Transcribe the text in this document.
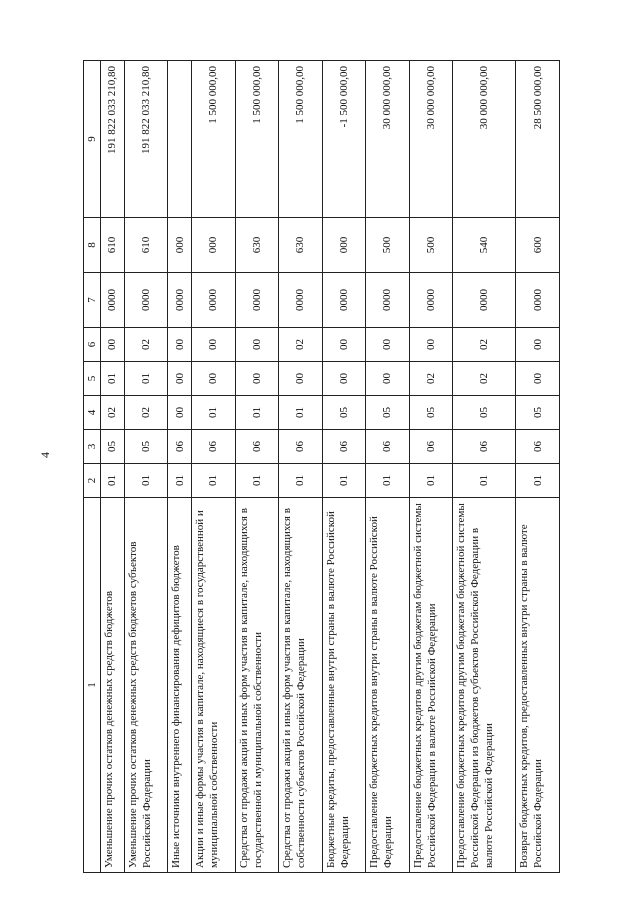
4
1	2	3	4	5	6	7	8	9
Уменьшение прочих остатков денежных средств бюджетов	01	05	02	01	00	0000	610	191 822 033 210,80
Уменьшение прочих остатков денежных средств бюджетов субъектов Российской Федерации	01	05	02	01	02	0000	610	191 822 033 210,80
Иные источники внутреннего финансирования дефицитов бюджетов	01	06	00	00	00	0000	000	
Акции и иные формы участия в капитале, находящиеся в государственной и муниципальной собственности	01	06	01	00	00	0000	000	1 500 000,00
Средства от продажи акций и иных форм участия в капитале, находящихся в государственной и муниципальной собственности	01	06	01	00	00	0000	630	1 500 000,00
Средства от продажи акций и иных форм участия в капитале, находящихся в собственности субъектов Российской Федерации	01	06	01	00	02	0000	630	1 500 000,00
Бюджетные кредиты, предоставленные внутри страны в валюте Российской Федерации	01	06	05	00	00	0000	000	-1 500 000,00
Предоставление бюджетных кредитов внутри страны в валюте Российской Федерации	01	06	05	00	00	0000	500	30 000 000,00
Предоставление бюджетных кредитов другим бюджетам бюджетной системы Российской Федерации в валюте Российской Федерации	01	06	05	02	00	0000	500	30 000 000,00
Предоставление бюджетных кредитов другим бюджетам бюджетной системы Российской Федерации из бюджетов субъектов Российской Федерации в валюте Российской Федерации	01	06	05	02	02	0000	540	30 000 000,00
Возврат бюджетных кредитов, предоставленных внутри страны в валюте Российской Федерации	01	06	05	00	00	0000	600	28 500 000,00
